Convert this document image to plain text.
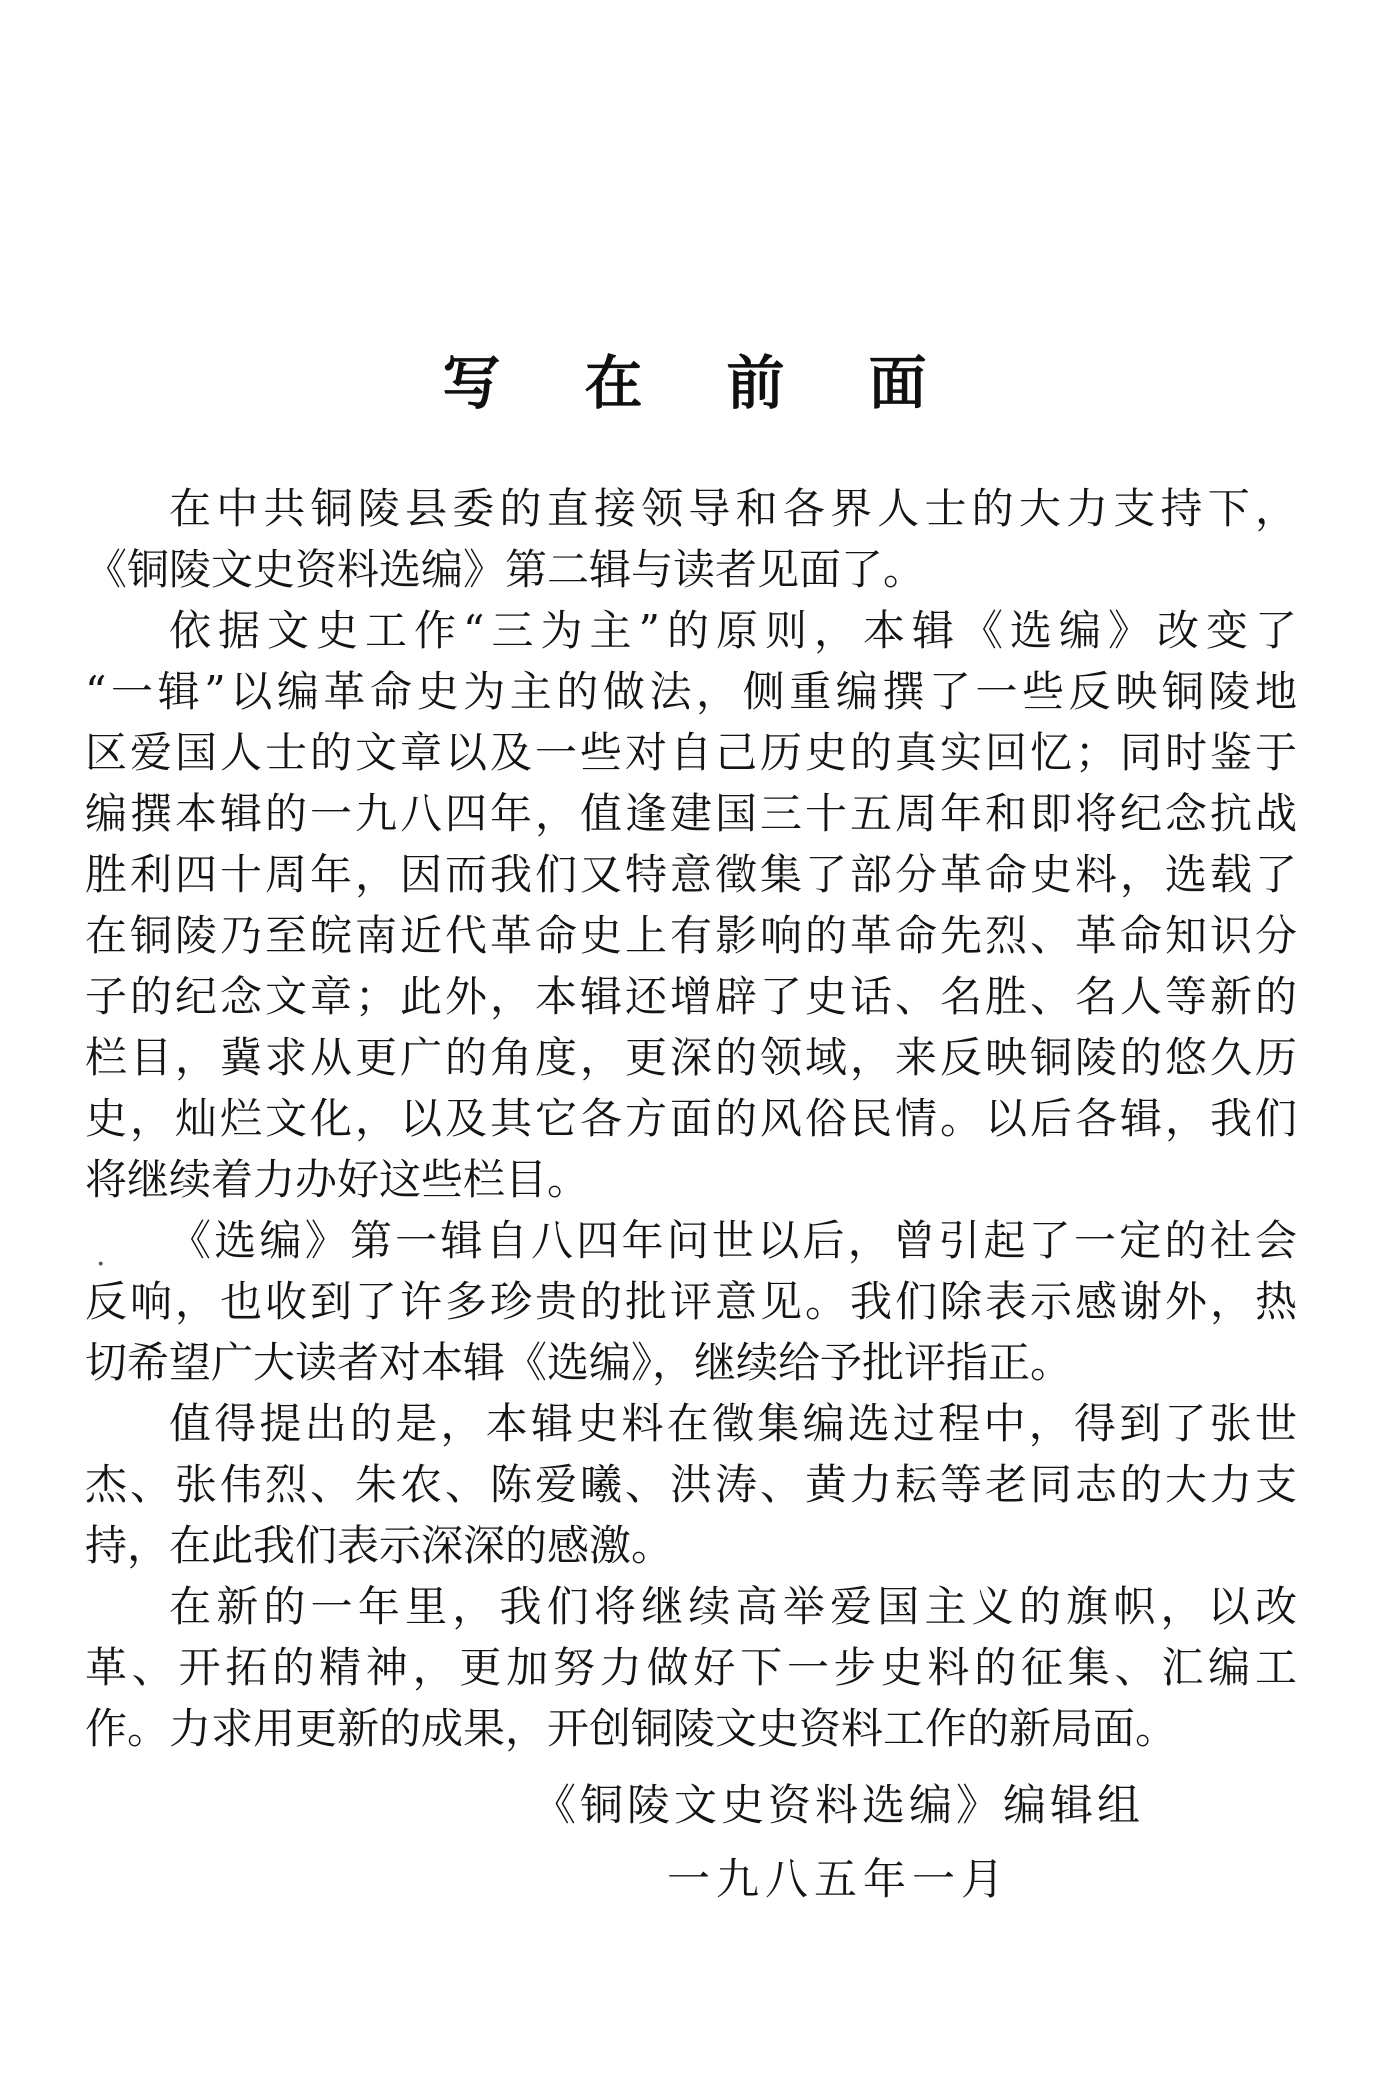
写　在　前　面
在中共铜陵县委的直接领导和各界人士的大力支持下，
《铜陵文史资料选编》第二辑与读者见面了。
依据文史工作“三为主”的原则，本辑《选编》改变了
“一辑”以编革命史为主的做法，侧重编撰了一些反映铜陵地
区爱国人士的文章以及一些对自己历史的真实回忆；同时鉴于
编撰本辑的一九八四年，值逢建国三十五周年和即将纪念抗战
胜利四十周年，因而我们又特意徵集了部分革命史料，选载了
在铜陵乃至皖南近代革命史上有影响的革命先烈、革命知识分
子的纪念文章；此外，本辑还增辟了史话、名胜、名人等新的
栏目，冀求从更广的角度，更深的领域，来反映铜陵的悠久历
史，灿烂文化，以及其它各方面的风俗民情。以后各辑，我们
将继续着力办好这些栏目。
《选编》第一辑自八四年问世以后，曾引起了一定的社会
反响，也收到了许多珍贵的批评意见。我们除表示感谢外，热
切希望广大读者对本辑《选编》，继续给予批评指正。
值得提出的是，本辑史料在徵集编选过程中，得到了张世
杰、张伟烈、朱农、陈爱曦、洪涛、黄力耘等老同志的大力支
持，在此我们表示深深的感激。
在新的一年里，我们将继续高举爱国主义的旗帜，以改
革、开拓的精神，更加努力做好下一步史料的征集、汇编工
作。力求用更新的成果，开创铜陵文史资料工作的新局面。
《铜陵文史资料选编》编辑组
一九八五年一月
.
